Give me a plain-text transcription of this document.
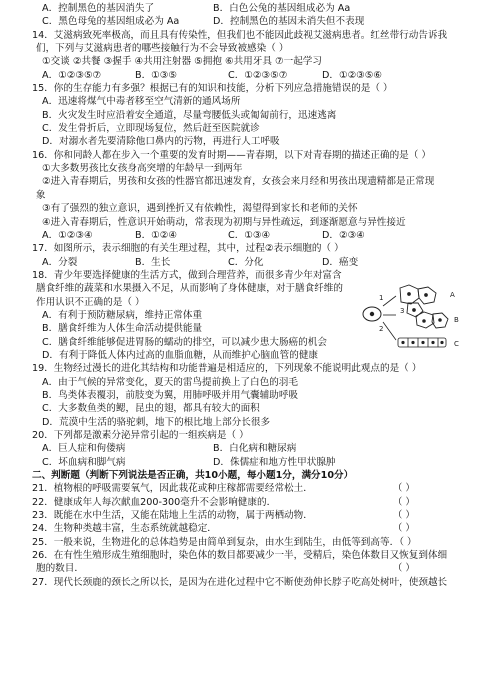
A．控制黑色的基因消失了	B．白色公兔的基因组成必为 Aa
C．黑色母兔的基因组成必为 Aa	D．控制黑色的基因未消失但不表现
14．艾滋病致死率极高，而且具有传染性，但我们也不能因此歧视艾滋病患者。红丝带行动告诉我
们，下列与艾滋病患者的哪些接触行为不会导致被感染（ ）
①交谈 ②共餐 ③握手 ④共用注射器 ⑤拥抱 ⑥共用牙具 ⑦一起学习
A．①②③⑤⑦	B．①③⑤	C．①②③⑤⑦	D．①②③⑤⑥
15．你的生存能力有多强？根据已有的知识和技能，分析下列应急措施错误的是（ ）
A．迅速将煤气中毒者移至空气清新的通风场所
B．火灾发生时应沿着安全通道，尽量弯腰低头或匍匐前行，迅速逃离
C．发生骨折后，立即现场复位，然后赶至医院就诊
D．对溺水者先要清除他口鼻内的污物，再进行人工呼吸
16．你和同龄人都在步入一个重要的发育时期——青春期，以下对青春期的描述正确的是（ ）
①大多数男孩比女孩身高突增的年龄早一到两年
②进入青春期后，男孩和女孩的性器官都迅速发育，女孩会来月经和男孩出现遗精都是正常现
象
③有了强烈的独立意识，遇到挫折又有依赖性，渴望得到家长和老师的关怀
④进入青春期后，性意识开始萌动，常表现为初期与异性疏远，到逐渐愿意与异性接近
A．①②③④	B．①②④	C．①③④	D．②③④
17．如图所示，表示细胞的有关生理过程，其中，过程②表示细胞的（ ）
A．分裂	B．生长	C．分化	D．癌变
18．青少年要选择健康的生活方式，做到合理营养，而很多青少年对富含
膳食纤维的蔬菜和水果摄入不足，从而影响了身体健康，对于膳食纤维的
作用认识不正确的是（ ）
A．有利于预防糖尿病，维持正常体重
B．膳食纤维为人体生命活动提供能量
C．膳食纤维能够促进胃肠的蠕动的排空，可以减少患大肠癌的机会
D．有利于降低人体内过高的血脂血糖，从而维护心脑血管的健康
19．生物经过漫长的进化其结构和功能普遍是相适应的，下列现象不能说明此观点的是（ ）
A．由于气候的异常变化，夏天的雷鸟提前换上了白色的羽毛
B．鸟类体表覆羽，前肢变为翼，用肺呼吸并用气囊辅助呼吸
C．大多数鱼类的鳃，昆虫的翅，都具有较大的面积
D．荒漠中生活的骆驼刺，地下的根比地上部分长很多
20．下列都是激素分泌异常引起的一组疾病是（ ）
A．巨人症和佝偻病	B．白化病和糖尿病
C．坏血病和脚气病	D．侏儒症和地方性甲状腺肿
二、判断题（判断下列说法是否正确，共10小题，每小题1分，满分10分）
21．植物根的呼吸需要氧气，因此栽花或种庄稼都需要经常松土．	（ ）
22．健康成年人每次献血200-300毫升不会影响健康的．	（ ）
23．既能在水中生活，又能在陆地上生活的动物，属于两栖动物．	（ ）
24．生物种类越丰富，生态系统就越稳定．	（ ）
25．一般来说，生物进化的总体趋势是由简单到复杂，由水生到陆生，由低等到高等．（ ）
26．在有性生殖形成生殖细胞时，染色体的数目都要减少一半，受精后，染色体数目又恢复到体细
胞的数目．	（ ）
27．现代长颈鹿的颈长之所以长，是因为在进化过程中它不断使劲伸长脖子吃高处树叶，使颈越长
1
2
3
A
B
C
